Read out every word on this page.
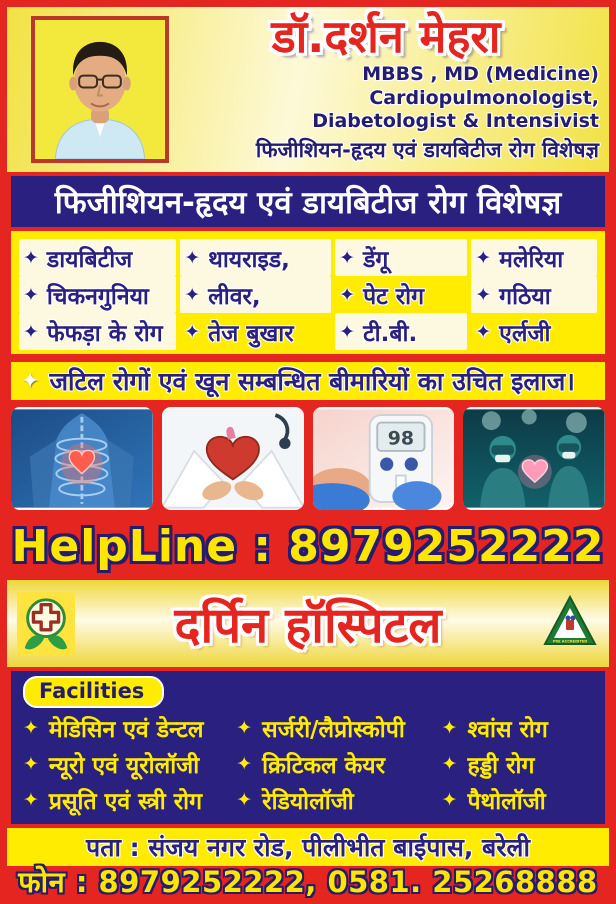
डॉ.दर्शन मेहरा
MBBS , MD (Medicine)
Cardiopulmonologist,
Diabetologist & Intensivist
फिजीशियन-हृदय एवं डायबिटीज रोग विशेषज्ञ
फिजीशियन-हृदय एवं डायबिटीज रोग विशेषज्ञ
✦ डायबिटीज	✦ थायराइड,	✦ डेंगू	✦ मलेरिया
✦ चिकनगुनिया ✦ लीवर,	✦ पेट रोग	✦ गठिया
✦ फेफड़ा के रोग ✦ तेज बुखार ✦ टी.बी.	✦ एर्लजी
✦ जटिल रोगों एवं खून सम्बन्धित बीमारियों का उचित इलाज।
98
HelpLine : 8979252222
दर्पिन हॉस्पिटल	PRE ACCREDITED
Facilities
✦ मेडिसिन एवं डेन्टल ✦ सर्जरी/लैप्रोस्कोपी ✦ श्वांस रोग
✦ न्यूरो एवं यूरोलॉजी ✦ क्रिटिकल केयर	✦ हड्डी रोग
✦ प्रसूति एवं स्त्री रोग ✦ रेडियोलॉजी	✦ पैथोलॉजी
पता : संजय नगर रोड, पीलीभीत बाईपास, बरेली
फोन : 8979252222, 0581. 25268888
